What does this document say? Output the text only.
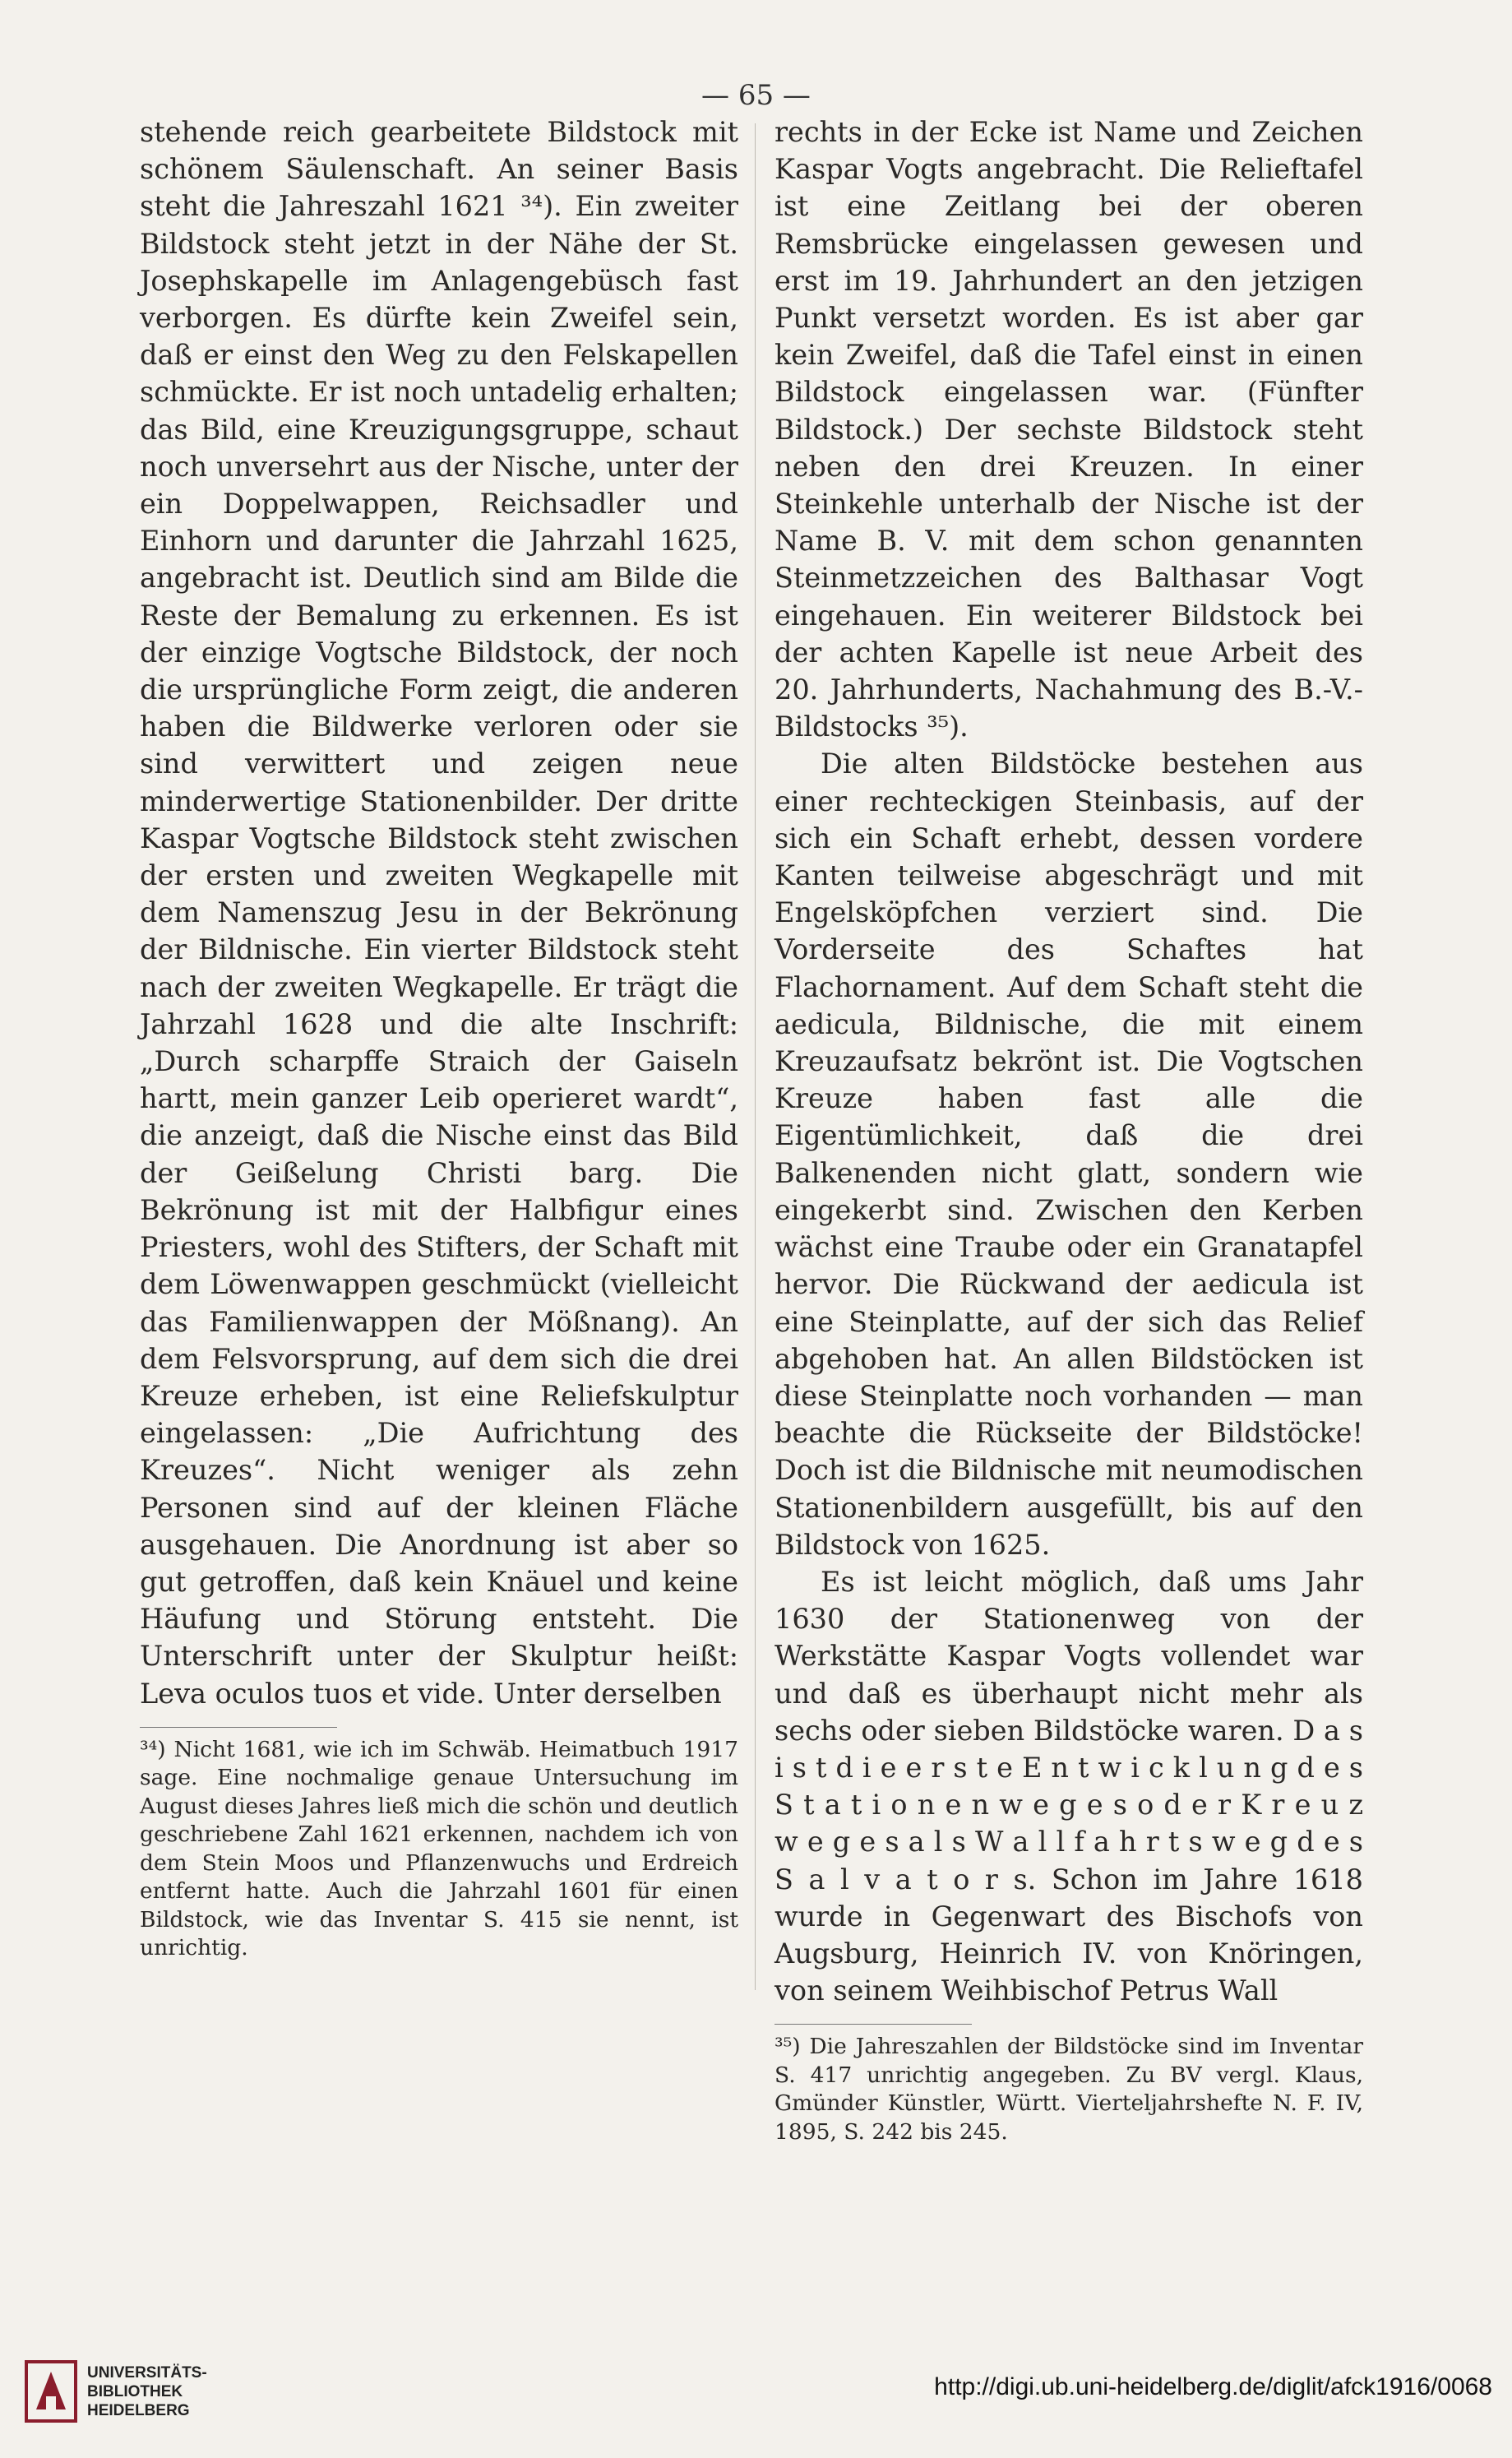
— 65 —

stehende reich gearbeitete Bildstock mit schönem Säulenschaft. An seiner Basis steht die Jahreszahl 1621 ³⁴). Ein zweiter Bildstock steht jetzt in der Nähe der St. Josephskapelle im Anlagengebüsch fast verborgen. Es dürfte kein Zweifel sein, daß er einst den Weg zu den Felskapellen schmückte. Er ist noch untadelig erhalten; das Bild, eine Kreuzigungsgruppe, schaut noch unversehrt aus der Nische, unter der ein Doppelwappen, Reichsadler und Einhorn und darunter die Jahrzahl 1625, angebracht ist. Deutlich sind am Bilde die Reste der Bemalung zu erkennen. Es ist der einzige Vogtsche Bildstock, der noch die ursprüngliche Form zeigt, die anderen haben die Bildwerke verloren oder sie sind verwittert und zeigen neue minderwertige Stationenbilder. Der dritte Kaspar Vogtsche Bildstock steht zwischen der ersten und zweiten Wegkapelle mit dem Namenszug Jesu in der Bekrönung der Bildnische. Ein vierter Bildstock steht nach der zweiten Wegkapelle. Er trägt die Jahrzahl 1628 und die alte Inschrift: „Durch scharpffe Straich der Gaiseln hartt, mein ganzer Leib operieret wardt“, die anzeigt, daß die Nische einst das Bild der Geißelung Christi barg. Die Bekrönung ist mit der Halbfigur eines Priesters, wohl des Stifters, der Schaft mit dem Löwenwappen geschmückt (vielleicht das Familienwappen der Mößnang). An dem Felsvorsprung, auf dem sich die drei Kreuze erheben, ist eine Reliefskulptur eingelassen: „Die Aufrichtung des Kreuzes“. Nicht weniger als zehn Personen sind auf der kleinen Fläche ausgehauen. Die Anordnung ist aber so gut getroffen, daß kein Knäuel und keine Häufung und Störung entsteht. Die Unterschrift unter der Skulptur heißt: Leva oculos tuos et vide. Unter derselben

³⁴) Nicht 1681, wie ich im Schwäb. Heimatbuch 1917 sage. Eine nochmalige genaue Untersuchung im August dieses Jahres ließ mich die schön und deutlich geschriebene Zahl 1621 erkennen, nachdem ich von dem Stein Moos und Pflanzenwuchs und Erdreich entfernt hatte. Auch die Jahrzahl 1601 für einen Bildstock, wie das Inventar S. 415 sie nennt, ist unrichtig.

rechts in der Ecke ist Name und Zeichen Kaspar Vogts angebracht. Die Relieftafel ist eine Zeitlang bei der oberen Remsbrücke eingelassen gewesen und erst im 19. Jahrhundert an den jetzigen Punkt versetzt worden. Es ist aber gar kein Zweifel, daß die Tafel einst in einen Bildstock eingelassen war. (Fünfter Bildstock.) Der sechste Bildstock steht neben den drei Kreuzen. In einer Steinkehle unterhalb der Nische ist der Name B. V. mit dem schon genannten Steinmetzzeichen des Balthasar Vogt eingehauen. Ein weiterer Bildstock bei der achten Kapelle ist neue Arbeit des 20. Jahrhunderts, Nachahmung des B.-V.-Bildstocks ³⁵).

Die alten Bildstöcke bestehen aus einer rechteckigen Steinbasis, auf der sich ein Schaft erhebt, dessen vordere Kanten teilweise abgeschrägt und mit Engelsköpfchen verziert sind. Die Vorderseite des Schaftes hat Flachornament. Auf dem Schaft steht die aedicula, Bildnische, die mit einem Kreuzaufsatz bekrönt ist. Die Vogtschen Kreuze haben fast alle die Eigentümlichkeit, daß die drei Balkenenden nicht glatt, sondern wie eingekerbt sind. Zwischen den Kerben wächst eine Traube oder ein Granatapfel hervor. Die Rückwand der aedicula ist eine Steinplatte, auf der sich das Relief abgehoben hat. An allen Bildstöcken ist diese Steinplatte noch vorhanden — man beachte die Rückseite der Bildstöcke! Doch ist die Bildnische mit neumodischen Stationenbildern ausgefüllt, bis auf den Bildstock von 1625.

Es ist leicht möglich, daß ums Jahr 1630 der Stationenweg von der Werkstätte Kaspar Vogts vollendet war und daß es überhaupt nicht mehr als sechs oder sieben Bildstöcke waren. D a s i s t d i e e r s t e E n t w i c k l u n g d e s S t a t i o n e n w e g e s o d e r K r e u z w e g e s a l s W a l l f a h r t s w e g d e s S a l v a t o r s. Schon im Jahre 1618 wurde in Gegenwart des Bischofs von Augsburg, Heinrich IV. von Knöringen, von seinem Weihbischof Petrus Wall

³⁵) Die Jahreszahlen der Bildstöcke sind im Inventar S. 417 unrichtig angegeben. Zu BV vergl. Klaus, Gmünder Künstler, Württ. Vierteljahrshefte N. F. IV, 1895, S. 242 bis 245.

UNIVERSITÄTS-
BIBLIOTHEK
HEIDELBERG
http://digi.ub.uni-heidelberg.de/diglit/afck1916/0068
